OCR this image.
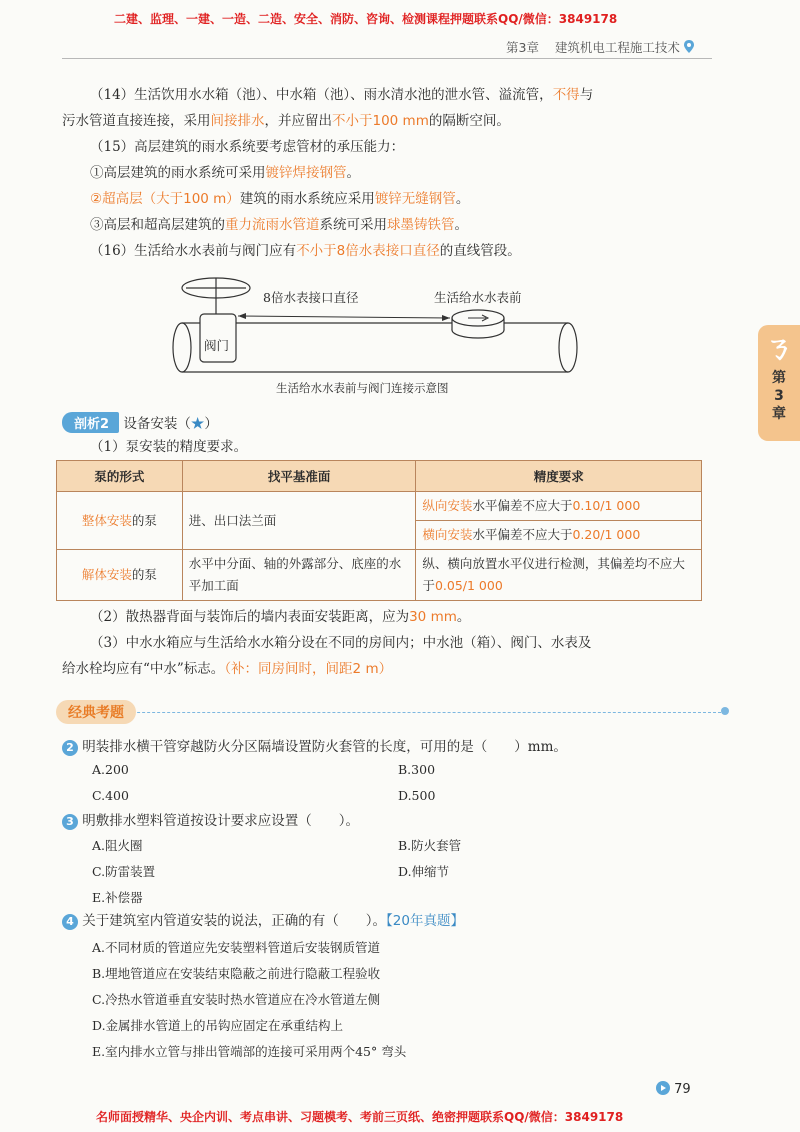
二建、监理、一建、一造、二造、安全、消防、咨询、检测课程押题联系QQ/微信：3849178
第3章 建筑机电工程施工技术
ㄋ
第
3
章
（14）生活饮用水水箱（池）、中水箱（池）、雨水清水池的泄水管、溢流管，不得与
污水管道直接连接，采用间接排水，并应留出不小于100 mm的隔断空间。
（15）高层建筑的雨水系统要考虑管材的承压能力：
①高层建筑的雨水系统可采用镀锌焊接钢管。
②超高层（大于100 m）建筑的雨水系统应采用镀锌无缝钢管。
③高层和超高层建筑的重力流雨水管道系统可采用球墨铸铁管。
（16）生活给水水表前与阀门应有不小于8倍水表接口直径的直线管段。
8倍水表接口直径	生活给水水表前
阀门
生活给水水表前与阀门连接示意图
剖析2 设备安装（★）
（1）泵安装的精度要求。
泵的形式	找平基准面	精度要求
整体安装的泵	进、出口法兰面	纵向安装水平偏差不应大于0.10/1 000
		横向安装水平偏差不应大于0.20/1 000
解体安装的泵	水平中分面、轴的外露部分、底座的水平加工面	纵、横向放置水平仪进行检测，其偏差均不应大于0.05/1 000
（2）散热器背面与装饰后的墙内表面安装距离，应为30 mm。
（3）中水水箱应与生活给水水箱分设在不同的房间内；中水池（箱）、阀门、水表及
给水栓均应有“中水”标志。（补：同房间时，间距2 m）
经典考题
2 明装排水横干管穿越防火分区隔墙设置防火套管的长度，可用的是（　　）mm。
A.200	B.300
C.400	D.500
3 明敷排水塑料管道按设计要求应设置（　　）。
A.阻火圈	B.防火套管
C.防雷装置	D.伸缩节
E.补偿器
4 关于建筑室内管道安装的说法，正确的有（　　）。【20年真题】
A.不同材质的管道应先安装塑料管道后安装钢质管道
B.埋地管道应在安装结束隐蔽之前进行隐蔽工程验收
C.冷热水管道垂直安装时热水管道应在冷水管道左侧
D.金属排水管道上的吊钩应固定在承重结构上
E.室内排水立管与排出管端部的连接可采用两个45° 弯头
79
名师面授精华、央企内训、考点串讲、习题模考、考前三页纸、绝密押题联系QQ/微信：3849178
